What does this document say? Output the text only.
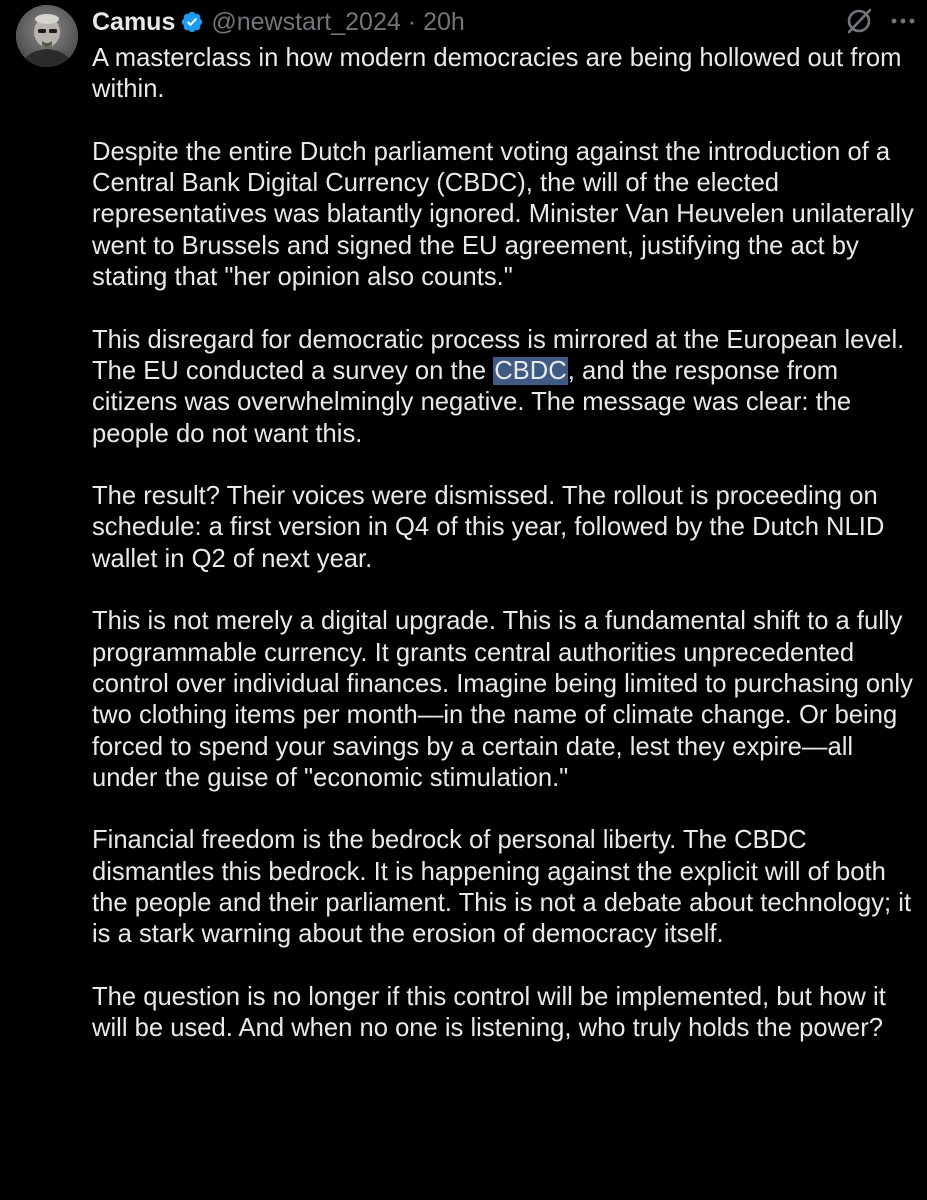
Camus @newstart_2024 · 20h

A masterclass in how modern democracies are being hollowed out from within.

Despite the entire Dutch parliament voting against the introduction of a Central Bank Digital Currency (CBDC), the will of the elected representatives was blatantly ignored. Minister Van Heuvelen unilaterally went to Brussels and signed the EU agreement, justifying the act by stating that "her opinion also counts."

This disregard for democratic process is mirrored at the European level. The EU conducted a survey on the CBDC, and the response from citizens was overwhelmingly negative. The message was clear: the people do not want this.

The result? Their voices were dismissed. The rollout is proceeding on schedule: a first version in Q4 of this year, followed by the Dutch NLID wallet in Q2 of next year.

This is not merely a digital upgrade. This is a fundamental shift to a fully programmable currency. It grants central authorities unprecedented control over individual finances. Imagine being limited to purchasing only two clothing items per month—in the name of climate change. Or being forced to spend your savings by a certain date, lest they expire—all under the guise of "economic stimulation."

Financial freedom is the bedrock of personal liberty. The CBDC dismantles this bedrock. It is happening against the explicit will of both the people and their parliament. This is not a debate about technology; it is a stark warning about the erosion of democracy itself.

The question is no longer if this control will be implemented, but how it will be used. And when no one is listening, who truly holds the power?
